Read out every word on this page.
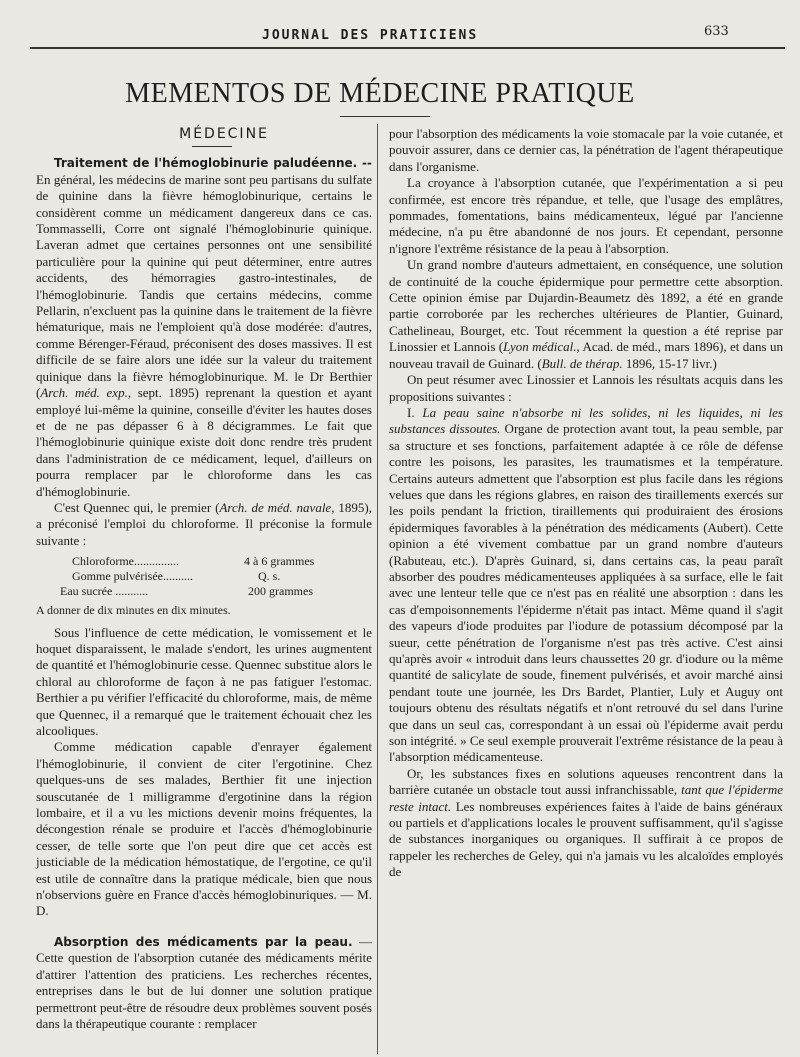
JOURNAL DES PRATICIENS	633
MEMENTOS DE MÉDECINE PRATIQUE
MÉDECINE

Traitement de l'hémoglobinurie paludéenne. -- En général, les médecins de marine sont peu partisans du sulfate de quinine dans la fièvre hémoglobinurique, certains le considèrent comme un médicament dangereux dans ce cas. Tommasselli, Corre ont signalé l'hémoglobinurie quinique. Laveran admet que certaines personnes ont une sensibilité particulière pour la quinine qui peut déterminer, entre autres accidents, des hémorragies gastro-intestinales, de l'hémoglobinurie. Tandis que certains médecins, comme Pellarin, n'excluent pas la quinine dans le traitement de la fièvre hématurique, mais ne l'emploient qu'à dose modérée: d'autres, comme Bérenger-Féraud, préconisent des doses massives. Il est difficile de se faire alors une idée sur la valeur du traitement quinique dans la fièvre hémoglobinurique. M. le Dr Berthier (Arch. méd. exp., sept. 1895) reprenant la question et ayant employé lui-même la quinine, conseille d'éviter les hautes doses et de ne pas dépasser 6 à 8 décigrammes. Le fait que l'hémoglobinurie quinique existe doit donc rendre très prudent dans l'administration de ce médicament, lequel, d'ailleurs on pourra remplacer par le chloroforme dans les cas d'hémoglobinurie.

C'est Quennec qui, le premier (Arch. de méd. navale, 1895), a préconisé l'emploi du chloroforme. Il préconise la formule suivante :

Chloroforme...............	4 à 6 grammes
Gomme pulvérisée..........	Q. s.
Eau sucrée ...........	200 grammes

A donner de dix minutes en dix minutes.

Sous l'influence de cette médication, le vomissement et le hoquet disparaissent, le malade s'endort, les urines augmentent de quantité et l'hémoglobinurie cesse. Quennec substitue alors le chloral au chloroforme de façon à ne pas fatiguer l'estomac. Berthier a pu vérifier l'efficacité du chloroforme, mais, de même que Quennec, il a remarqué que le traitement échouait chez les alcooliques.

Comme médication capable d'enrayer également l'hémoglobinurie, il convient de citer l'ergotinine. Chez quelques-uns de ses malades, Berthier fit une injection souscutanée de 1 milligramme d'ergotinine dans la région lombaire, et il a vu les mictions devenir moins fréquentes, la décongestion rénale se produire et l'accès d'hémoglobinurie cesser, de telle sorte que l'on peut dire que cet accès est justiciable de la médication hémostatique, de l'ergotine, ce qu'il est utile de connaître dans la pratique médicale, bien que nous n'observions guère en France d'accès hémoglobinuriques. — M. D.

Absorption des médicaments par la peau. — Cette question de l'absorption cutanée des médicaments mérite d'attirer l'attention des praticiens. Les recherches récentes, entreprises dans le but de lui donner une solution pratique permettront peut-être de résoudre deux problèmes souvent posés dans la thérapeutique courante : remplacer

pour l'absorption des médicaments la voie stomacale par la voie cutanée, et pouvoir assurer, dans ce dernier cas, la pénétration de l'agent thérapeutique dans l'organisme.

La croyance à l'absorption cutanée, que l'expérimentation a si peu confirmée, est encore très répandue, et telle, que l'usage des emplâtres, pommades, fomentations, bains médicamenteux, légué par l'ancienne médecine, n'a pu être abandonné de nos jours. Et cependant, personne n'ignore l'extrême résistance de la peau à l'absorption.

Un grand nombre d'auteurs admettaient, en conséquence, une solution de continuité de la couche épidermique pour permettre cette absorption. Cette opinion émise par Dujardin-Beaumetz dès 1892, a été en grande partie corroborée par les recherches ultérieures de Plantier, Guinard, Cathelineau, Bourget, etc. Tout récemment la question a été reprise par Linossier et Lannois (Lyon médical., Acad. de méd., mars 1896), et dans un nouveau travail de Guinard. (Bull. de thérap. 1896, 15-17 livr.)

On peut résumer avec Linossier et Lannois les résultats acquis dans les propositions suivantes :

I. La peau saine n'absorbe ni les solides, ni les liquides, ni les substances dissoutes. Organe de protection avant tout, la peau semble, par sa structure et ses fonctions, parfaitement adaptée à ce rôle de défense contre les poisons, les parasites, les traumatismes et la température. Certains auteurs admettent que l'absorption est plus facile dans les régions velues que dans les régions glabres, en raison des tiraillements exercés sur les poils pendant la friction, tiraillements qui produiraient des érosions épidermiques favorables à la pénétration des médicaments (Aubert). Cette opinion a été vivement combattue par un grand nombre d'auteurs (Rabuteau, etc.). D'après Guinard, si, dans certains cas, la peau paraît absorber des poudres médicamenteuses appliquées à sa surface, elle le fait avec une lenteur telle que ce n'est pas en réalité une absorption : dans les cas d'empoisonnements l'épiderme n'était pas intact. Même quand il s'agit des vapeurs d'iode produites par l'iodure de potassium décomposé par la sueur, cette pénétration de l'organisme n'est pas très active. C'est ainsi qu'après avoir « introduit dans leurs chaussettes 20 gr. d'iodure ou la même quantité de salicylate de soude, finement pulvérisés, et avoir marché ainsi pendant toute une journée, les Drs Bardet, Plantier, Luly et Auguy ont toujours obtenu des résultats négatifs et n'ont retrouvé du sel dans l'urine que dans un seul cas, correspondant à un essai où l'épiderme avait perdu son intégrité. » Ce seul exemple prouverait l'extrême résistance de la peau à l'absorption médicamenteuse.

Or, les substances fixes en solutions aqueuses rencontrent dans la barrière cutanée un obstacle tout aussi infranchissable, tant que l'épiderme reste intact. Les nombreuses expériences faites à l'aide de bains généraux ou partiels et d'applications locales le prouvent suffisamment, qu'il s'agisse de substances inorganiques ou organiques. Il suffirait à ce propos de rappeler les recherches de Geley, qui n'a jamais vu les alcaloïdes employés de
